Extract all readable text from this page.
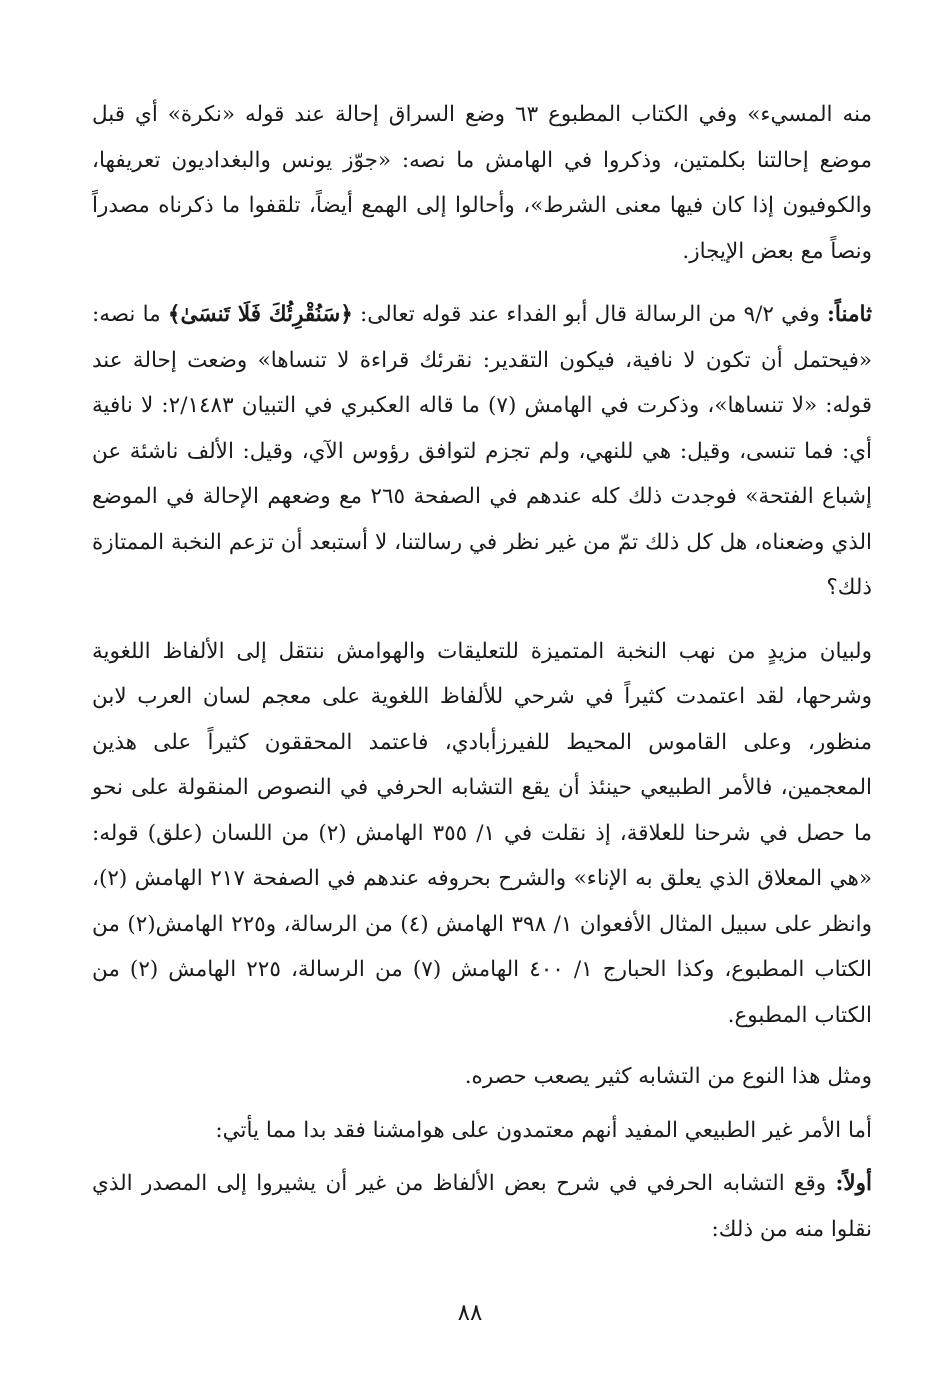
منه المسيء» وفي الكتاب المطبوع ٦٣ وضع السراق إحالة عند قوله «نكرة» أي قبل موضع إحالتنا بكلمتين، وذكروا في الهامش ما نصه: «جوّز يونس والبغداديون تعريفها، والكوفيون إذا كان فيها معنى الشرط»، وأحالوا إلى الهمع أيضاً، تلقفوا ما ذكرناه مصدراً ونصاً مع بعض الإيجاز.

ثامناً: وفي ٩/٢ من الرسالة قال أبو الفداء عند قوله تعالى: ﴿سَنُقْرِئُكَ فَلَا تَنسَىٰ﴾ ما نصه: «فيحتمل أن تكون لا نافية، فيكون التقدير: نقرئك قراءة لا تنساها» وضعت إحالة عند قوله: «لا تنساها»، وذكرت في الهامش (٧) ما قاله العكبري في التبيان ٢/١٤٨٣: لا نافية أي: فما تنسى، وقيل: هي للنهي، ولم تجزم لتوافق رؤوس الآي، وقيل: الألف ناشئة عن إشباع الفتحة» فوجدت ذلك كله عندهم في الصفحة ٢٦٥ مع وضعهم الإحالة في الموضع الذي وضعناه، هل كل ذلك تمّ من غير نظر في رسالتنا، لا أستبعد أن تزعم النخبة الممتازة ذلك؟

ولبيان مزيدٍ من نهب النخبة المتميزة للتعليقات والهوامش ننتقل إلى الألفاظ اللغوية وشرحها، لقد اعتمدت كثيراً في شرحي للألفاظ اللغوية على معجم لسان العرب لابن منظور، وعلى القاموس المحيط للفيرزأبادي، فاعتمد المحققون كثيراً على هذين المعجمين، فالأمر الطبيعي حينئذ أن يقع التشابه الحرفي في النصوص المنقولة على نحو ما حصل في شرحنا للعلاقة، إذ نقلت في ١/ ٣٥٥ الهامش (٢) من اللسان (علق) قوله: «هي المعلاق الذي يعلق به الإناء» والشرح بحروفه عندهم في الصفحة ٢١٧ الهامش (٢)، وانظر على سبيل المثال الأفعوان ١/ ٣٩٨ الهامش (٤) من الرسالة، و٢٢٥ الهامش(٢) من الكتاب المطبوع، وكذا الحبارج ١/ ٤٠٠ الهامش (٧) من الرسالة، ٢٢٥ الهامش (٢) من الكتاب المطبوع.

ومثل هذا النوع من التشابه كثير يصعب حصره.

أما الأمر غير الطبيعي المفيد أنهم معتمدون على هوامشنا فقد بدا مما يأتي:

أولاً: وقع التشابه الحرفي في شرح بعض الألفاظ من غير أن يشيروا إلى المصدر الذي نقلوا منه من ذلك:

٨٨
